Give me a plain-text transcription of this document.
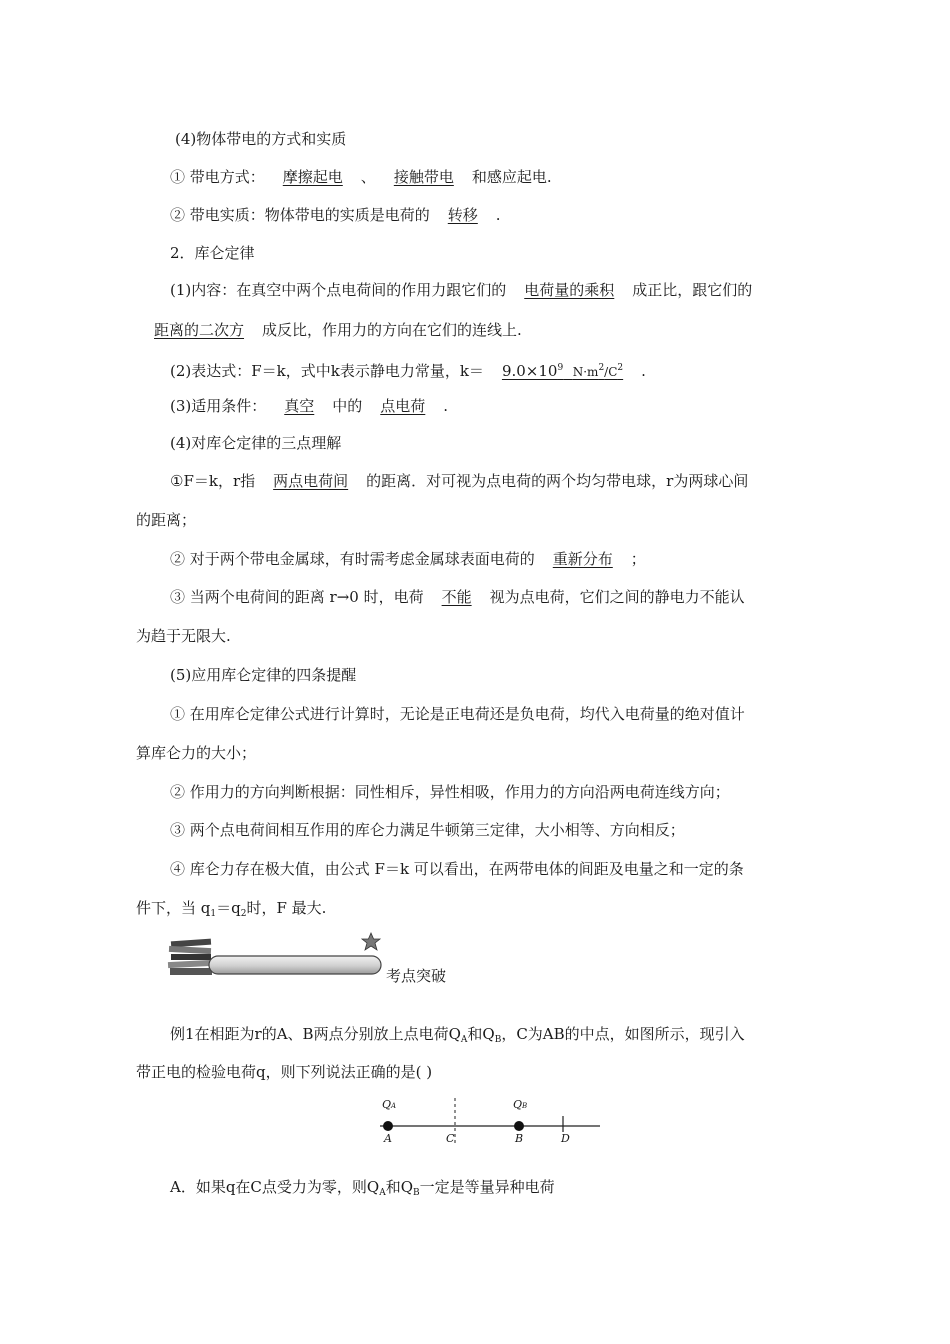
(4)物体带电的方式和实质
① 带电方式： 摩擦起电 、 接触带电 和感应起电.
② 带电实质：物体带电的实质是电荷的 转移 .
2．库仑定律
(1)内容：在真空中两个点电荷间的作用力跟它们的 电荷量的乘积 成正比，跟它们的
距离的二次方 成反比，作用力的方向在它们的连线上.
(2)表达式：F＝k，式中k表示静电力常量，$k= 9.0\times 10^9$ $N\cdot m^2/C^2$ .
(3)适用条件： 真空 中的 点电荷 .
(4)对库仑定律的三点理解
①F＝k，r指 两点电荷间 的距离．对可视为点电荷的两个均匀带电球，r为两球心间
的距离；
② 对于两个带电金属球，有时需考虑金属球表面电荷的 重新分布 ；
③ 当两个电荷间的距离 r→0 时，电荷 不能 视为点电荷，它们之间的静电力不能认
为趋于无限大.
(5)应用库仑定律的四条提醒
① 在用库仑定律公式进行计算时，无论是正电荷还是负电荷，均代入电荷量的绝对值计
算库仑力的大小；
② 作用力的方向判断根据：同性相斥，异性相吸，作用力的方向沿两电荷连线方向；
③ 两个点电荷间相互作用的库仑力满足牛顿第三定律，大小相等、方向相反；
④ 库仑力存在极大值，由公式 F＝k 可以看出，在两带电体的间距及电量之和一定的条
件下，当 $q_1=q_2$时，F 最大.
考点突破
例1在相距为r的A、B两点分别放上点电荷$Q_A$和$Q_B$，C为AB的中点，如图所示，现引入
带正电的检验电荷q，则下列说法正确的是( )
QA	QB
A	C	B	D
A．如果q在C点受力为零，则$Q_A$和$Q_B$一定是等量异种电荷
